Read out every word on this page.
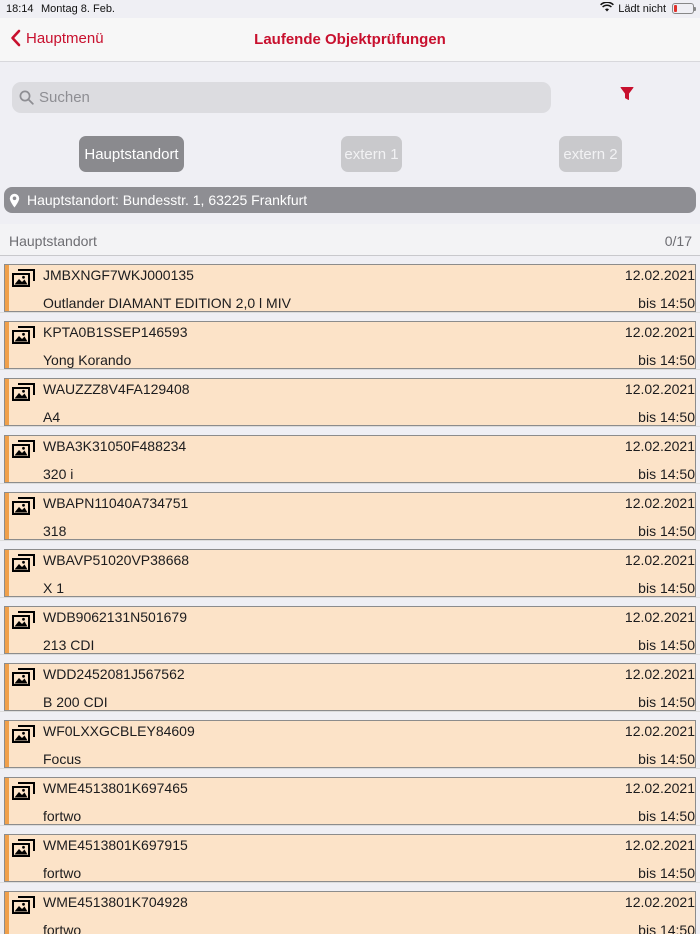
18:14 Montag 8. Feb.	Lädt nicht
Hauptmenü	Laufende Objektprüfungen
Suchen
Hauptstandort	extern 1	extern 2
Hauptstandort: Bundesstr. 1, 63225 Frankfurt
Hauptstandort	0/17
JMBXNGF7WKJ000135	12.02.2021
Outlander DIAMANT EDITION 2,0 l MIV	bis 14:50
KPTA0B1SSEP146593	12.02.2021
Yong Korando	bis 14:50
WAUZZZ8V4FA129408	12.02.2021
A4	bis 14:50
WBA3K31050F488234	12.02.2021
320 i	bis 14:50
WBAPN11040A734751	12.02.2021
318	bis 14:50
WBAVP51020VP38668	12.02.2021
X 1	bis 14:50
WDB9062131N501679	12.02.2021
213 CDI	bis 14:50
WDD2452081J567562	12.02.2021
B 200 CDI	bis 14:50
WF0LXXGCBLEY84609	12.02.2021
Focus	bis 14:50
WME4513801K697465	12.02.2021
fortwo	bis 14:50
WME4513801K697915	12.02.2021
fortwo	bis 14:50
WME4513801K704928	12.02.2021
fortwo	bis 14:50
